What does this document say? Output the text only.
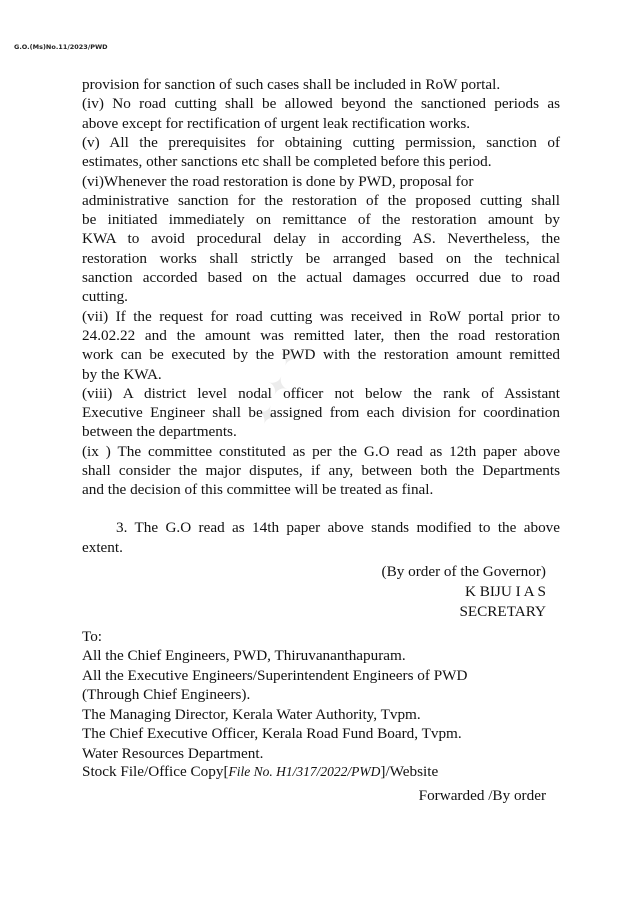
G.O.(Ms)No.11/2023/PWD
✦ ✦ ✦
provision for sanction of such cases shall be included in RoW portal.
(iv) No road cutting shall be allowed beyond the sanctioned periods as
above except for rectification of urgent leak rectification works.
(v) All the prerequisites for obtaining cutting permission, sanction of
estimates, other sanctions etc shall be completed before this period.
(vi)Whenever the road restoration is done by PWD, proposal for
administrative sanction for the restoration of the proposed cutting shall
be initiated immediately on remittance of the restoration amount by
KWA to avoid procedural delay in according AS. Nevertheless, the
restoration works shall strictly be arranged based on the technical
sanction accorded based on the actual damages occurred due to road
cutting.
(vii) If the request for road cutting was received in RoW portal prior to
24.02.22 and the amount was remitted later, then the road restoration
work can be executed by the PWD with the restoration amount remitted
by the KWA.
(viii) A district level nodal officer not below the rank of Assistant
Executive Engineer shall be assigned from each division for coordination
between the departments.
(ix ) The committee constituted as per the G.O read as 12th paper above
shall consider the major disputes, if any, between both the Departments
and the decision of this committee will be treated as final.
3. The G.O read as 14th paper above stands modified to the above
extent.
(By order of the Governor)
K BIJU I A S
SECRETARY
To:
All the Chief Engineers, PWD, Thiruvananthapuram.
All the Executive Engineers/Superintendent Engineers of PWD
(Through Chief Engineers).
The Managing Director, Kerala Water Authority, Tvpm.
The Chief Executive Officer, Kerala Road Fund Board, Tvpm.
Water Resources Department.
Stock File/Office Copy[File No. H1/317/2022/PWD]/Website
Forwarded /By order
